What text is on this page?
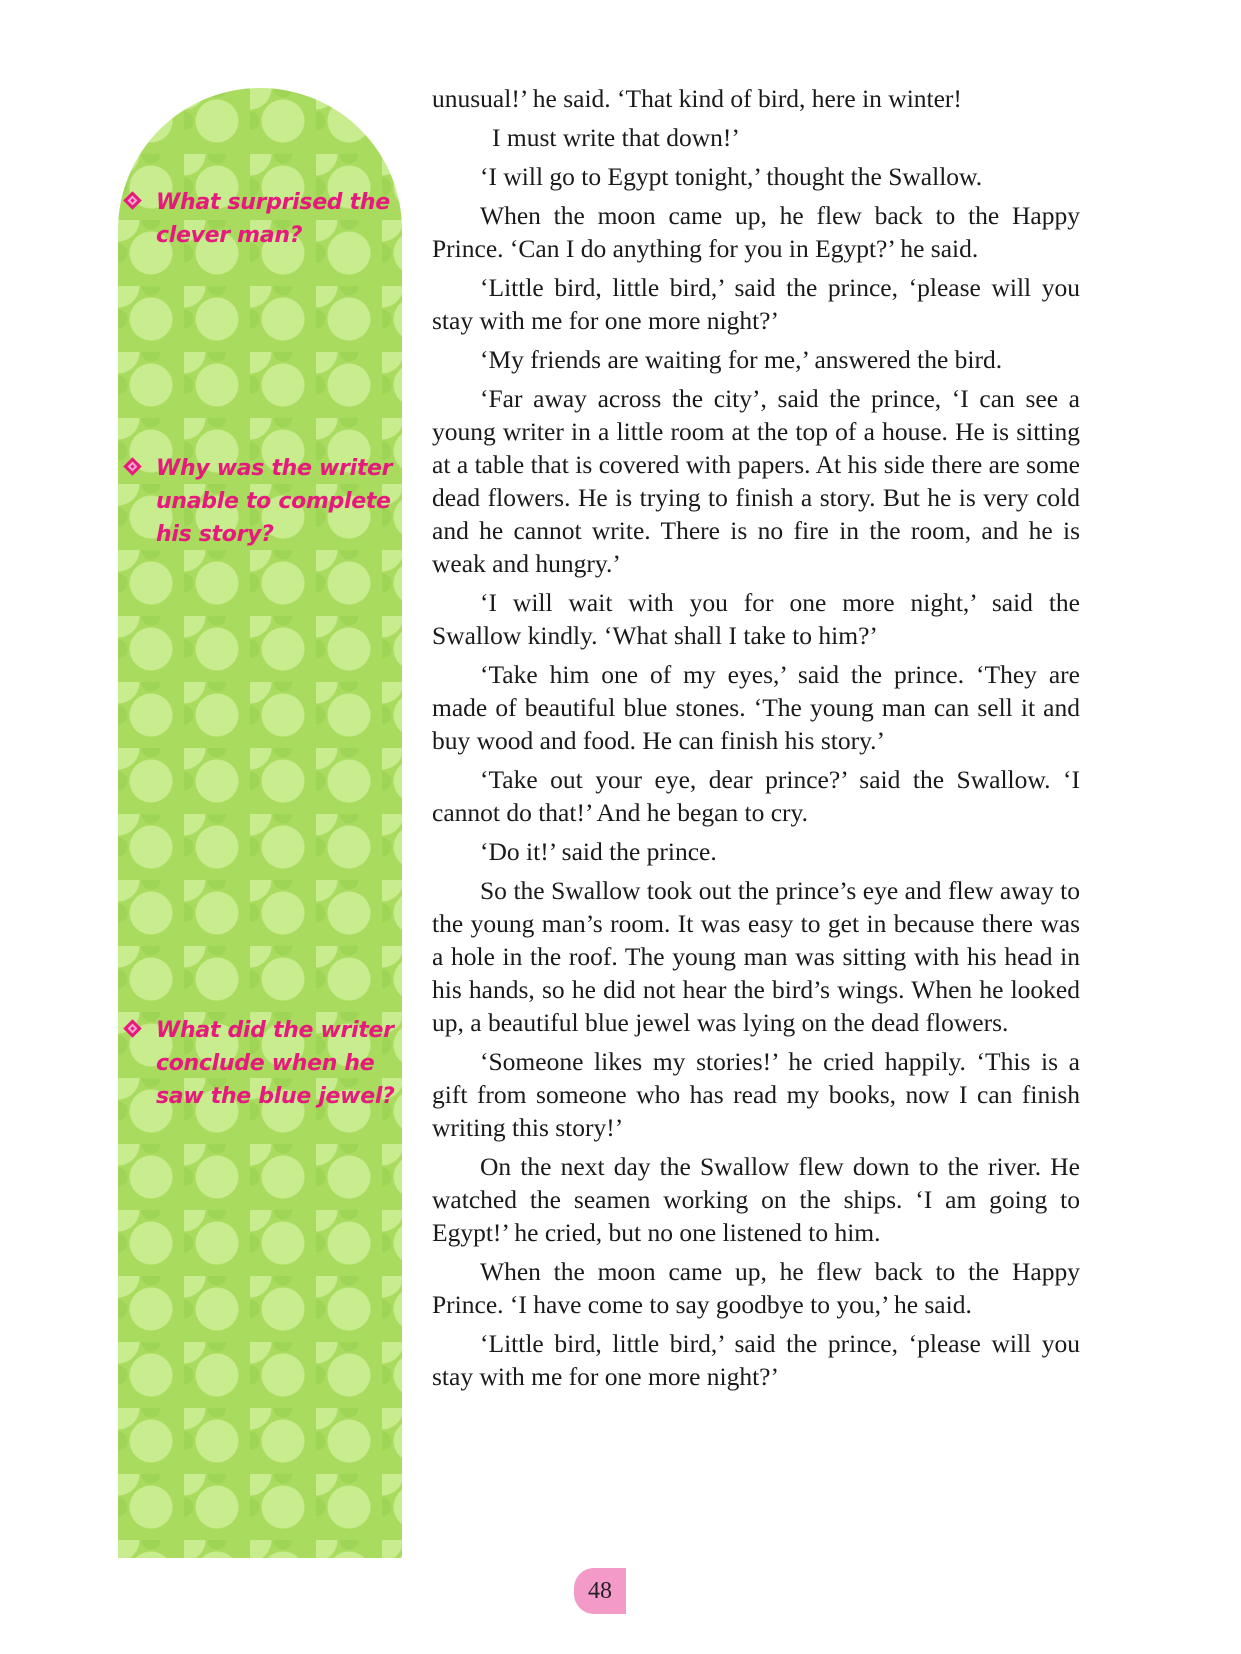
What surprised the clever man?
Why was the writer unable to complete his story?
What did the writer conclude when he saw the blue jewel?

unusual!’ he said. ‘That kind of bird, here in winter!

I must write that down!’

‘I will go to Egypt tonight,’ thought the Swallow.

When the moon came up, he flew back to the Happy Prince. ‘Can I do anything for you in Egypt?’ he said.

‘Little bird, little bird,’ said the prince, ‘please will you stay with me for one more night?’

‘My friends are waiting for me,’ answered the bird.

‘Far away across the city’, said the prince, ‘I can see a young writer in a little room at the top of a house. He is sitting at a table that is covered with papers. At his side there are some dead flowers. He is trying to finish a story. But he is very cold and he cannot write. There is no fire in the room, and he is weak and hungry.’

‘I will wait with you for one more night,’ said the Swallow kindly. ‘What shall I take to him?’

‘Take him one of my eyes,’ said the prince. ‘They are made of beautiful blue stones. ‘The young man can sell it and buy wood and food. He can finish his story.’

‘Take out your eye, dear prince?’ said the Swallow. ‘I cannot do that!’ And he began to cry.

‘Do it!’ said the prince.

So the Swallow took out the prince’s eye and flew away to the young man’s room. It was easy to get in because there was a hole in the roof. The young man was sitting with his head in his hands, so he did not hear the bird’s wings. When he looked up, a beautiful blue jewel was lying on the dead flowers.

‘Someone likes my stories!’ he cried happily. ‘This is a gift from someone who has read my books, now I can finish writing this story!’

On the next day the Swallow flew down to the river. He watched the seamen working on the ships. ‘I am going to Egypt!’ he cried, but no one listened to him.

When the moon came up, he flew back to the Happy Prince. ‘I have come to say goodbye to you,’ he said.

‘Little bird, little bird,’ said the prince, ‘please will you stay with me for one more night?’

48
